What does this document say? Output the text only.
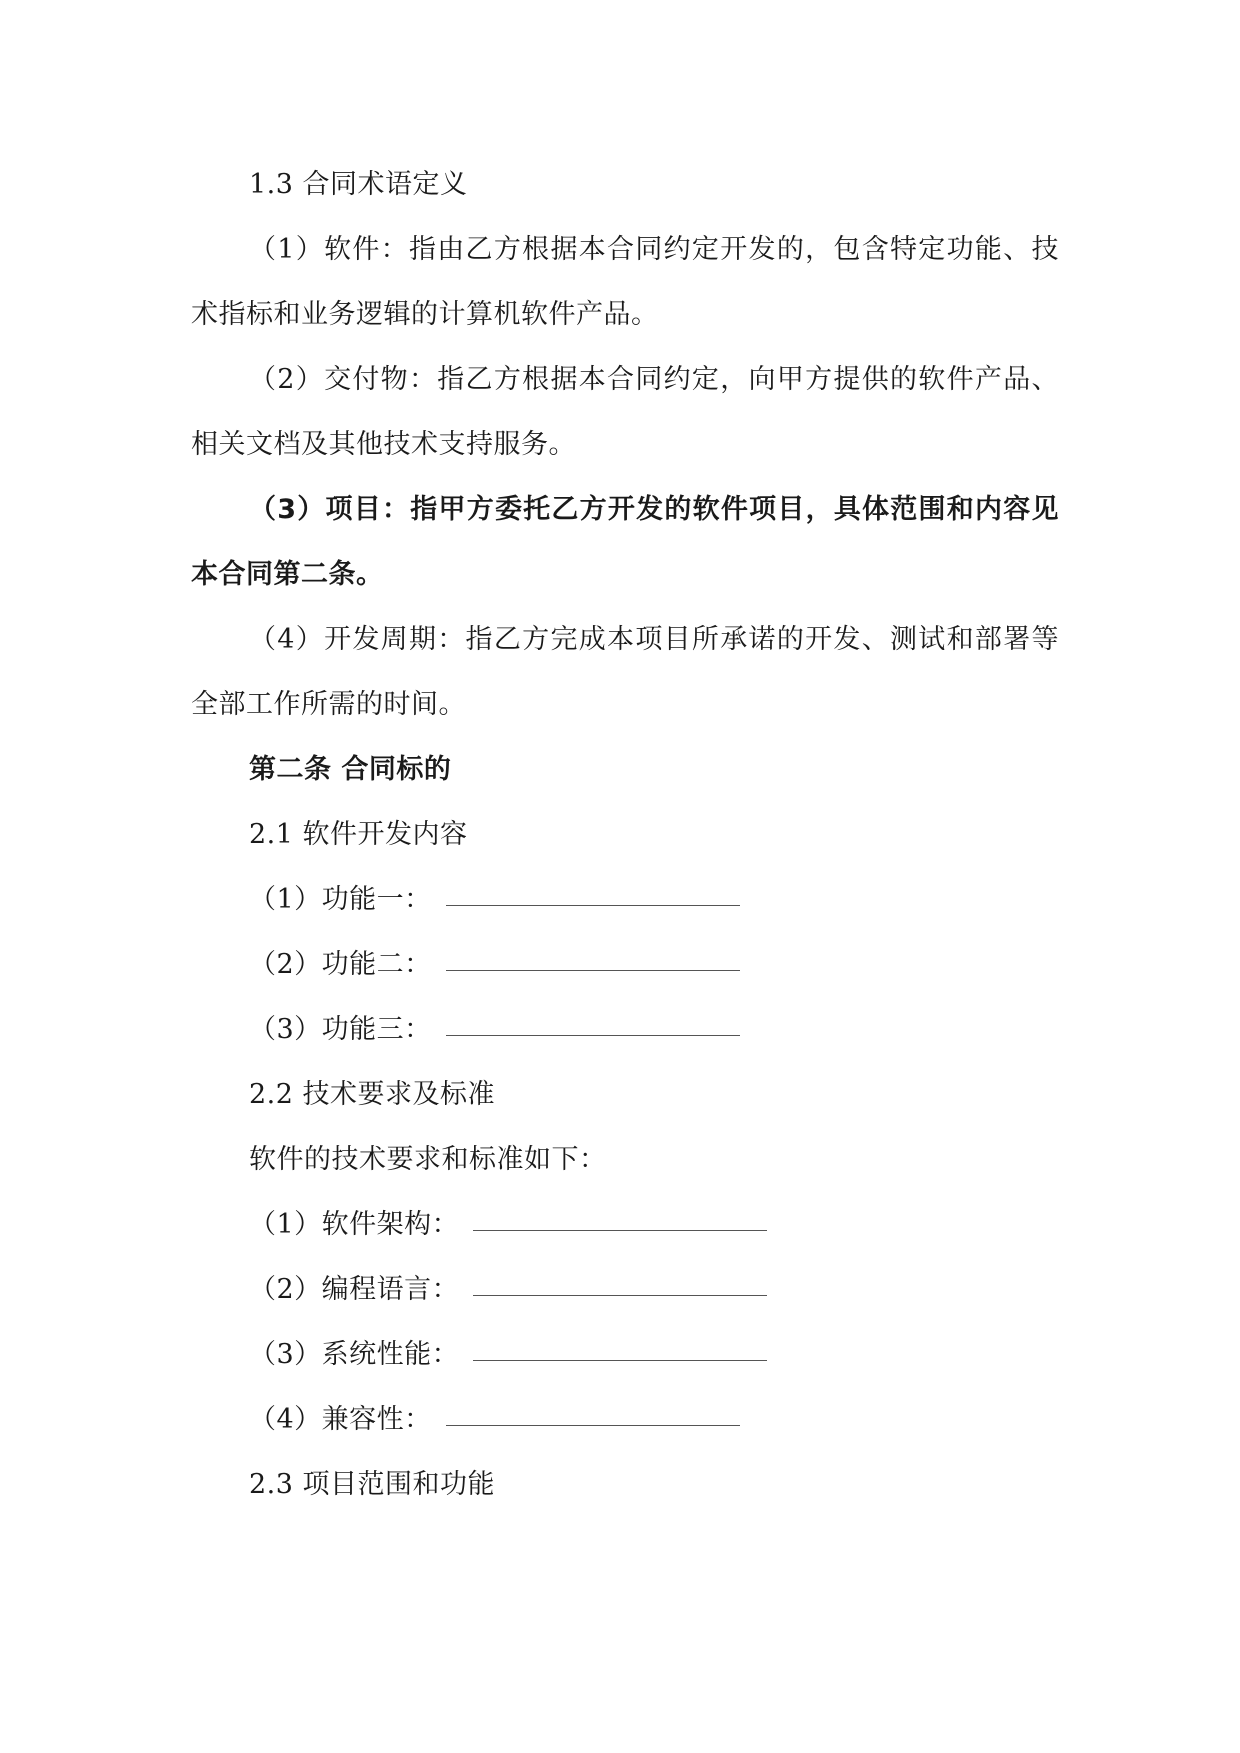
1.3 合同术语定义
（1）软件：指由乙方根据本合同约定开发的，包含特定功能、技术指标和业务逻辑的计算机软件产品。
（2）交付物：指乙方根据本合同约定，向甲方提供的软件产品、相关文档及其他技术支持服务。
（3）项目：指甲方委托乙方开发的软件项目，具体范围和内容见本合同第二条。
（4）开发周期：指乙方完成本项目所承诺的开发、测试和部署等全部工作所需的时间。
第二条 合同标的
2.1 软件开发内容
（1）功能一：
（2）功能二：
（3）功能三：
2.2 技术要求及标准
软件的技术要求和标准如下：
（1）软件架构：
（2）编程语言：
（3）系统性能：
（4）兼容性：
2.3 项目范围和功能
